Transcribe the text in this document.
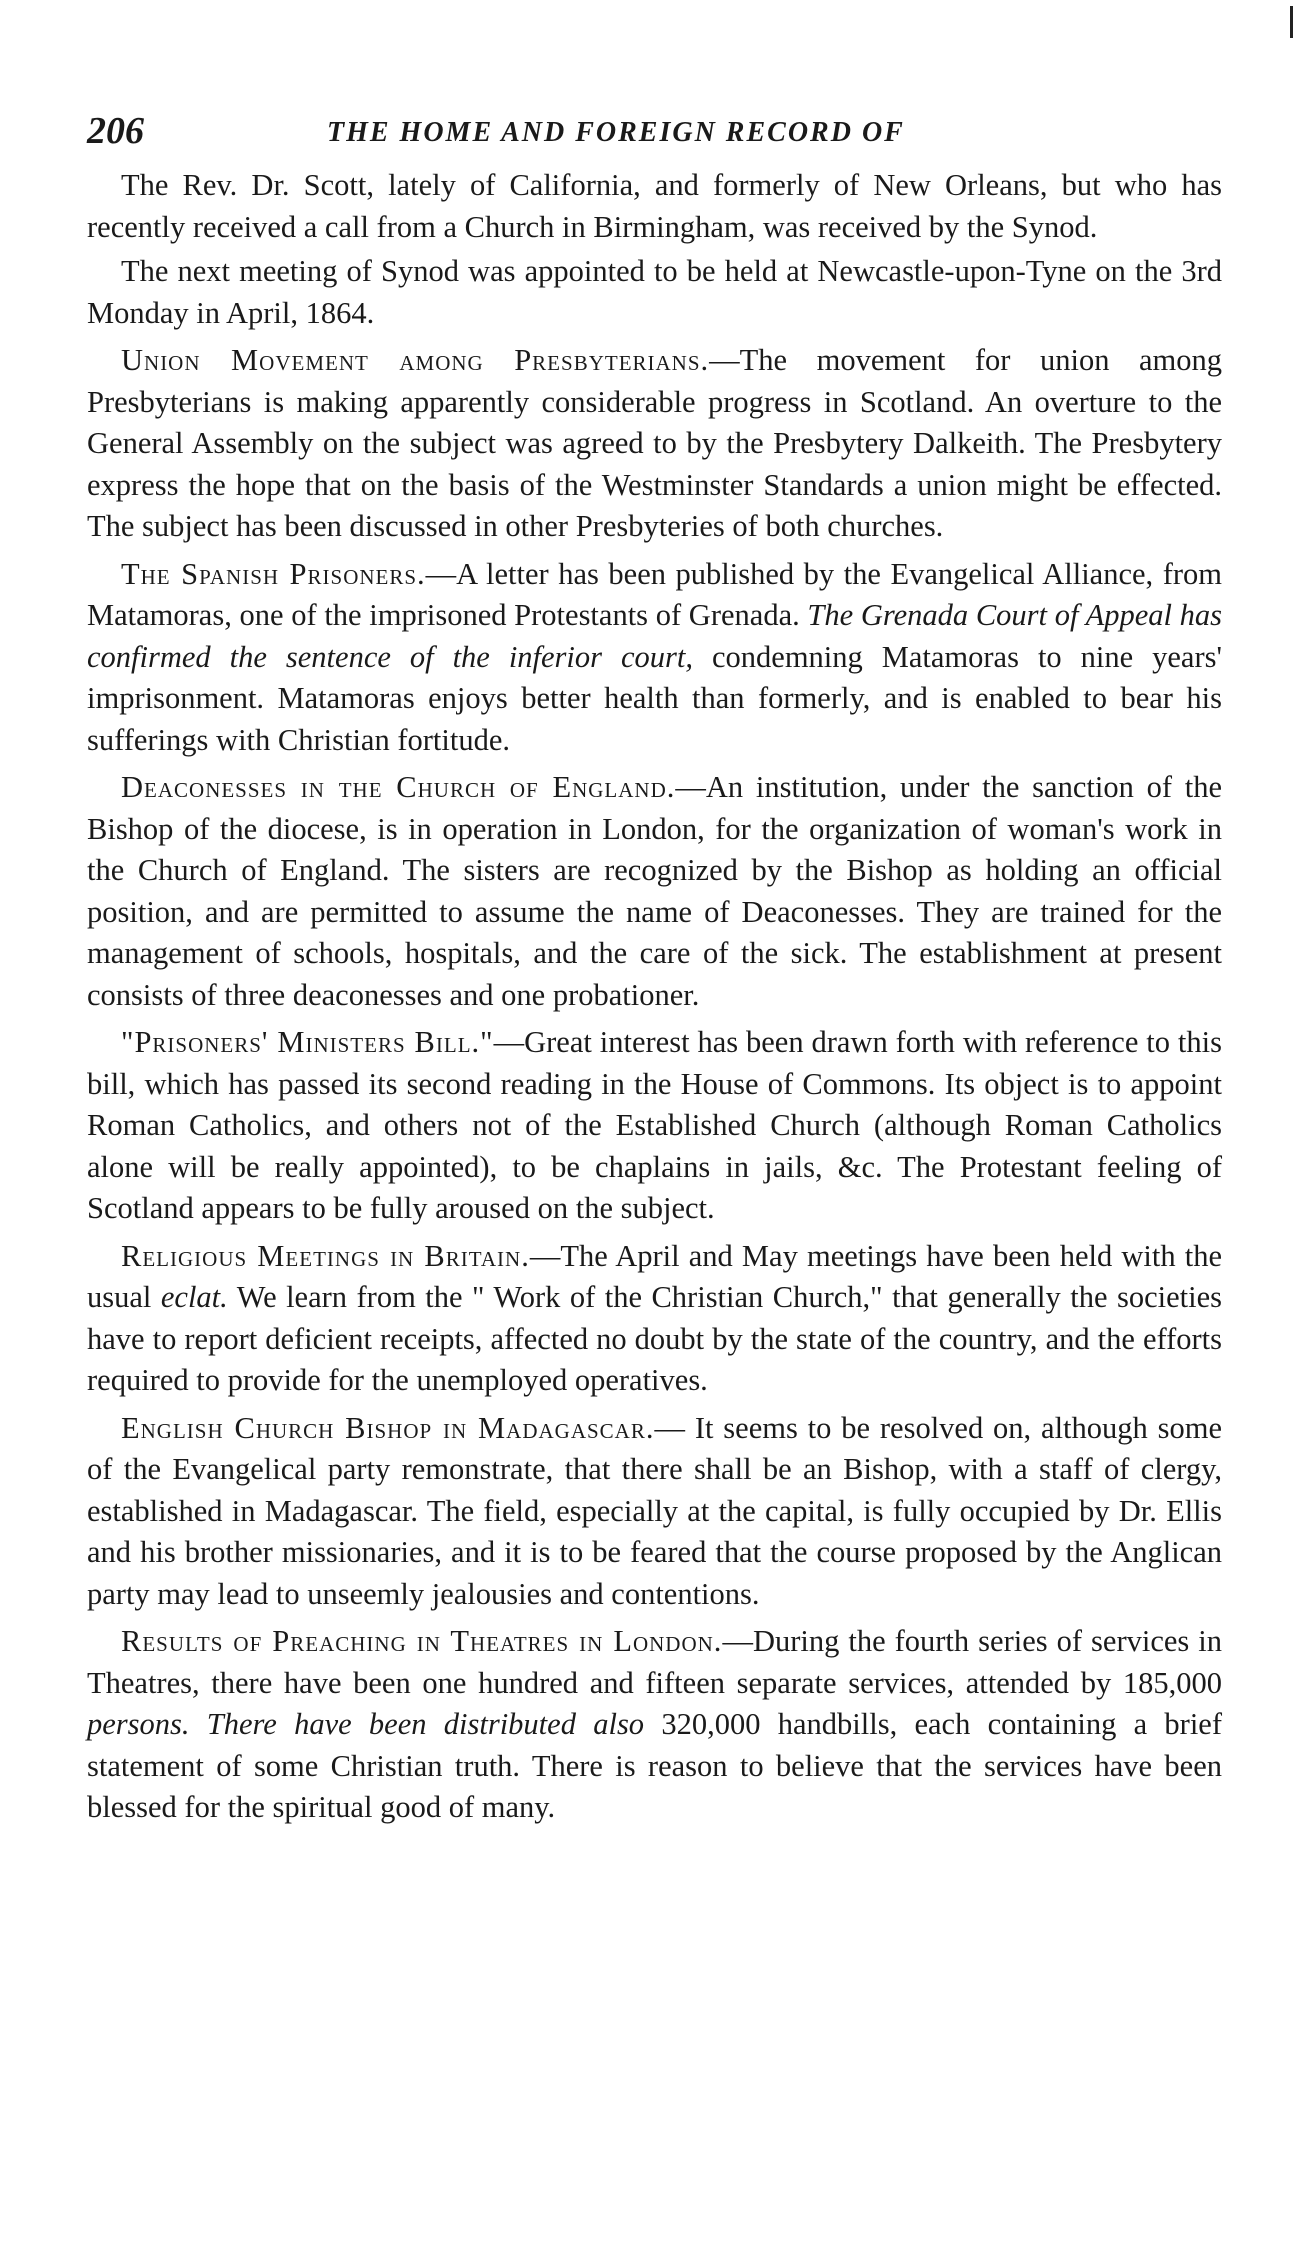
206	THE HOME AND FOREIGN RECORD OF

The Rev. Dr. Scott, lately of California, and formerly of New Orleans, but who has recently received a call from a Church in Birmingham, was received by the Synod.

The next meeting of Synod was appointed to be held at Newcastle-upon-Tyne on the 3rd Monday in April, 1864.

Union Movement among Presbyterians.—The movement for union among Presbyterians is making apparently considerable progress in Scotland. An overture to the General Assembly on the subject was agreed to by the Presbytery Dalkeith. The Presbytery express the hope that on the basis of the Westminster Standards a union might be effected. The subject has been discussed in other Presbyteries of both churches.

The Spanish Prisoners.—A letter has been published by the Evangelical Alliance, from Matamoras, one of the imprisoned Protestants of Grenada. The Grenada Court of Appeal has confirmed the sentence of the inferior court, condemning Matamoras to nine years' imprisonment. Matamoras enjoys better health than formerly, and is enabled to bear his sufferings with Christian fortitude.

Deaconesses in the Church of England.—An institution, under the sanction of the Bishop of the diocese, is in operation in London, for the organization of woman's work in the Church of England. The sisters are recognized by the Bishop as holding an official position, and are permitted to assume the name of Deaconesses. They are trained for the management of schools, hospitals, and the care of the sick. The establishment at present consists of three deaconesses and one probationer.

"Prisoners' Ministers Bill."—Great interest has been drawn forth with reference to this bill, which has passed its second reading in the House of Commons. Its object is to appoint Roman Catholics, and others not of the Established Church (although Roman Catholics alone will be really appointed), to be chaplains in jails, &c. The Protestant feeling of Scotland appears to be fully aroused on the subject.

Religious Meetings in Britain.—The April and May meetings have been held with the usual eclat. We learn from the " Work of the Christian Church," that generally the societies have to report deficient receipts, affected no doubt by the state of the country, and the efforts required to provide for the unemployed operatives.

English Church Bishop in Madagascar.— It seems to be resolved on, although some of the Evangelical party remonstrate, that there shall be an Bishop, with a staff of clergy, established in Madagascar. The field, especially at the capital, is fully occupied by Dr. Ellis and his brother missionaries, and it is to be feared that the course proposed by the Anglican party may lead to unseemly jealousies and contentions.

Results of Preaching in Theatres in London.—During the fourth series of services in Theatres, there have been one hundred and fifteen separate services, attended by 185,000 persons. There have been distributed also 320,000 handbills, each containing a brief statement of some Christian truth. There is reason to believe that the services have been blessed for the spiritual good of many.
